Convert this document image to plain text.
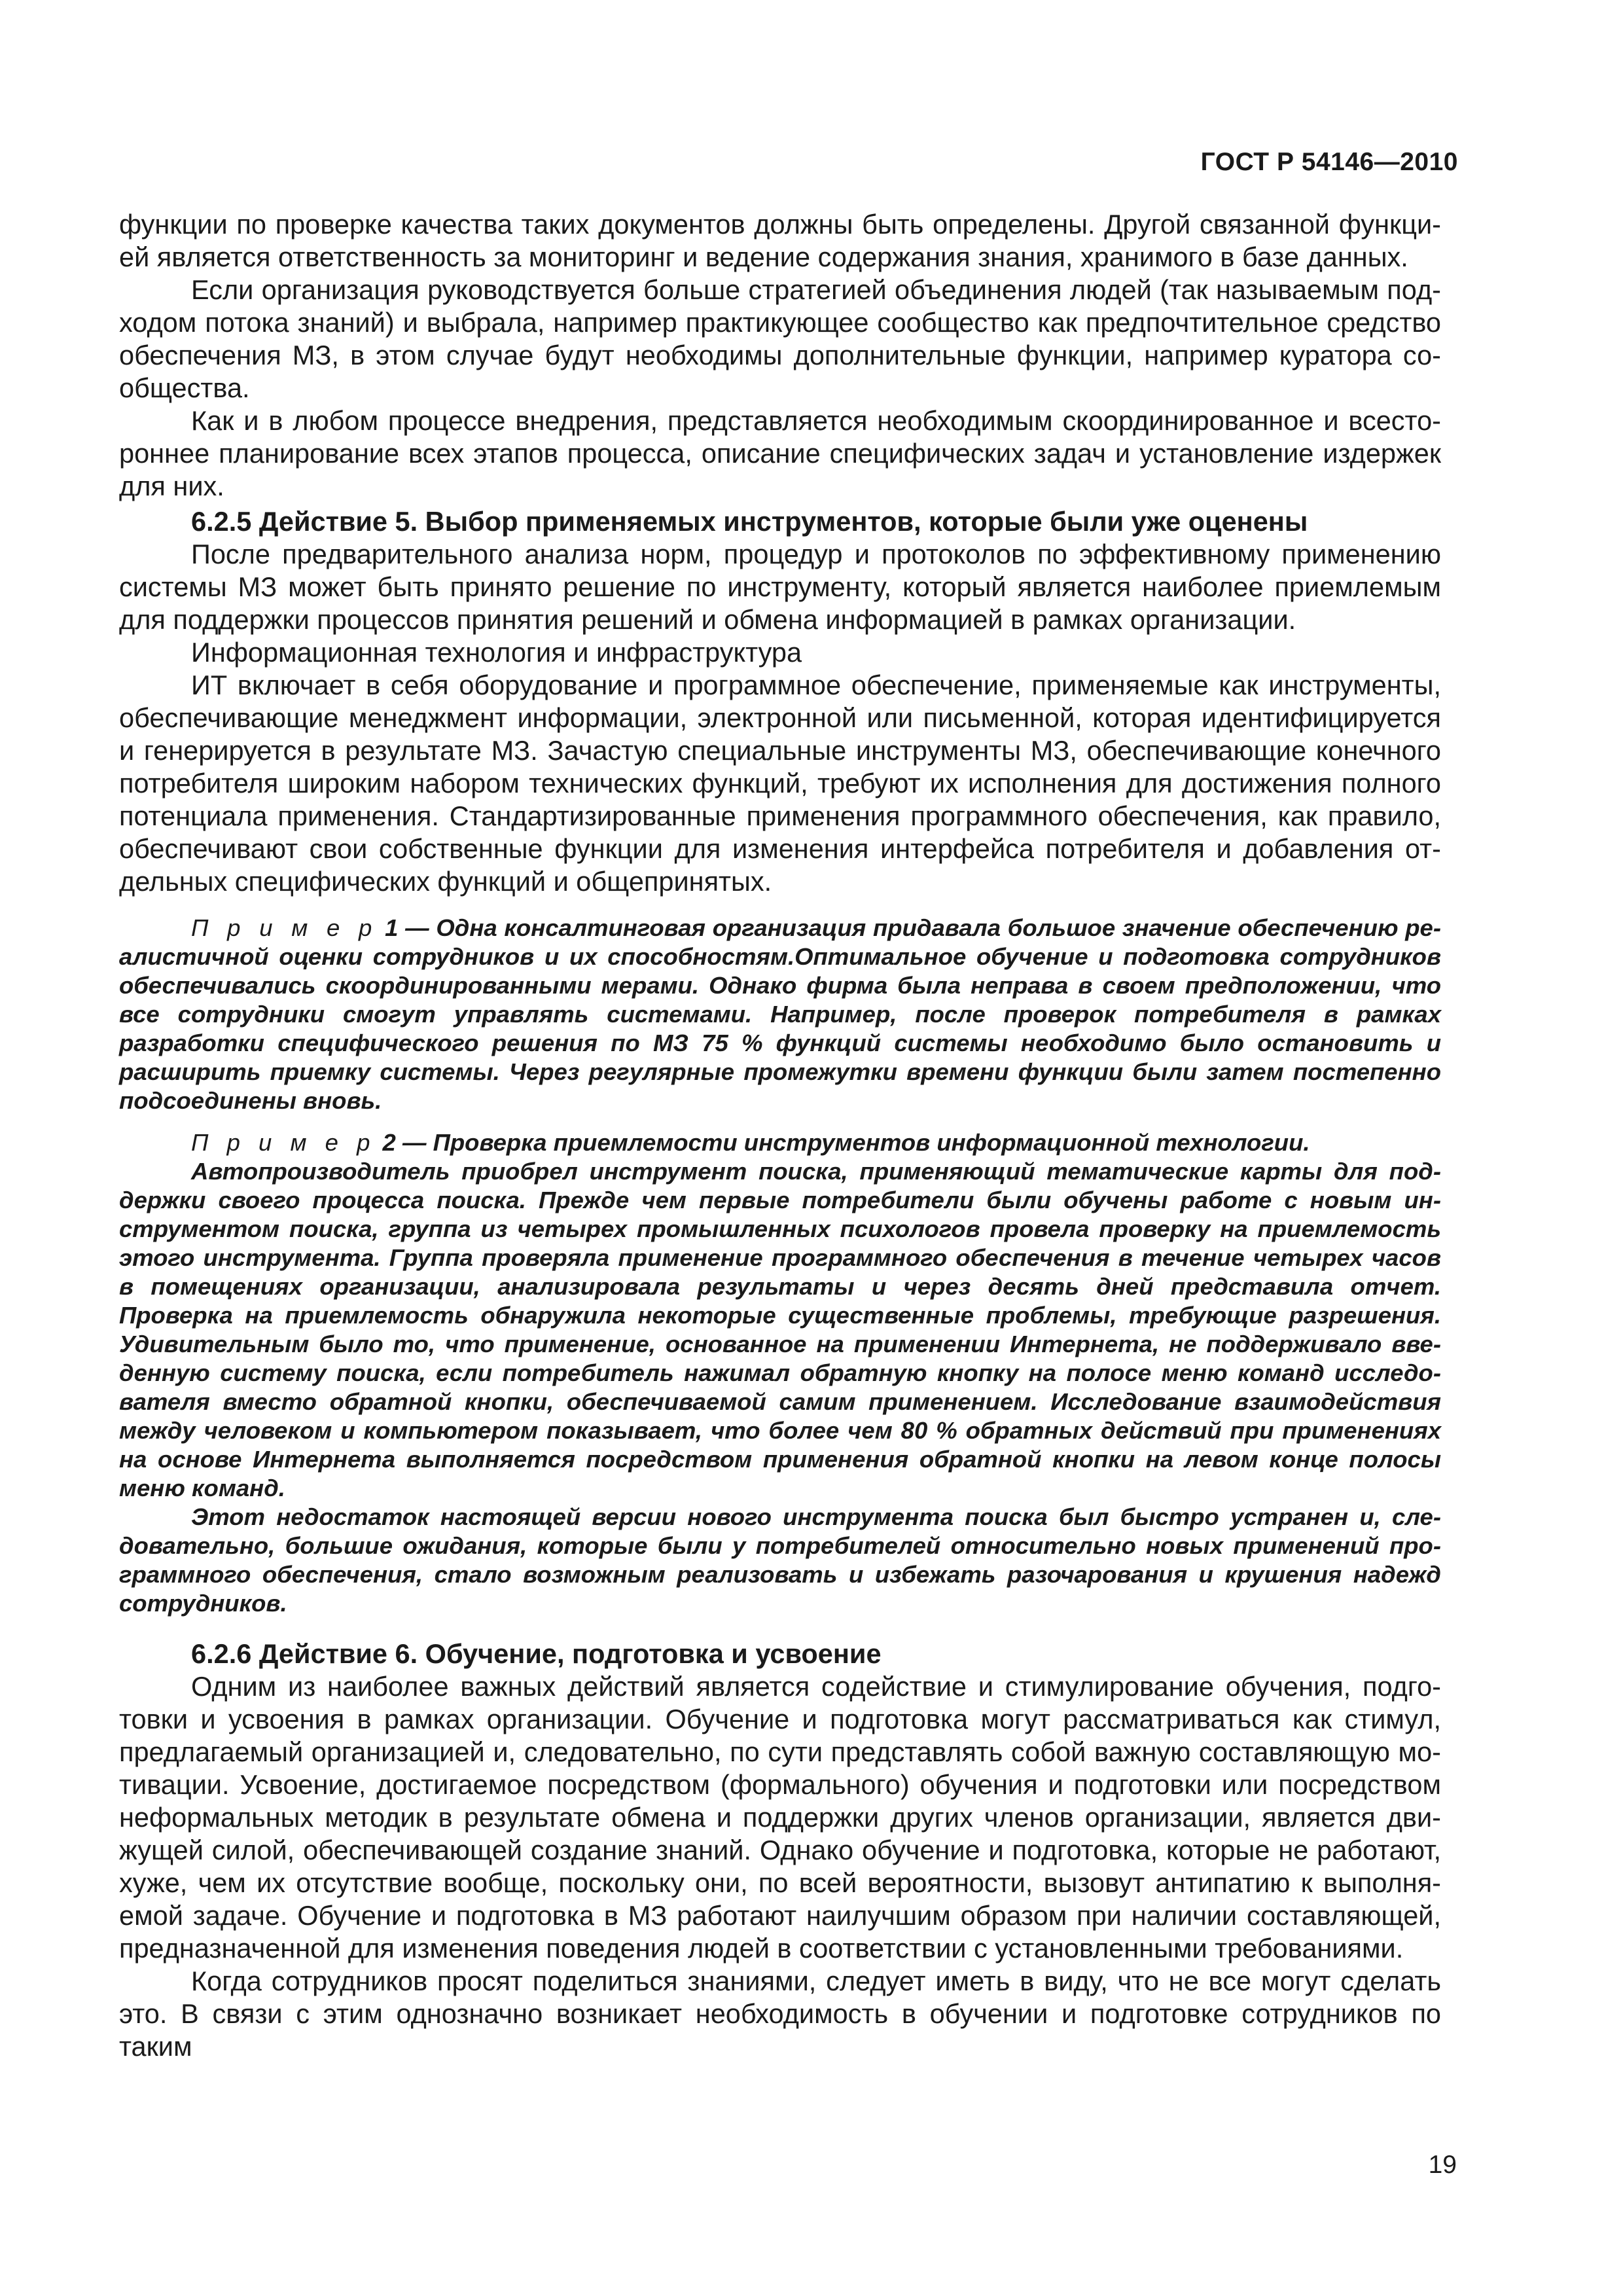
ГОСТ Р 54146—2010

функции по проверке качества таких документов должны быть определены. Другой связанной функцией является ответственность за мониторинг и ведение содержания знания, хранимого в базе данных.

Если организация руководствуется больше стратегией объединения людей (так называемым подходом потока знаний) и выбрала, например практикующее сообщество как предпочтительное средство обеспечения МЗ, в этом случае будут необходимы дополнительные функции, например куратора сообщества.

Как и в любом процессе внедрения, представляется необходимым скоординированное и всестороннее планирование всех этапов процесса, описание специфических задач и установление издержек для них.

6.2.5 Действие 5. Выбор применяемых инструментов, которые были уже оценены

После предварительного анализа норм, процедур и протоколов по эффективному применению системы МЗ может быть принято решение по инструменту, который является наиболее приемлемым для поддержки процессов принятия решений и обмена информацией в рамках организации.

Информационная технология и инфраструктура

ИТ включает в себя оборудование и программное обеспечение, применяемые как инструменты, обеспечивающие менеджмент информации, электронной или письменной, которая идентифицируется и генерируется в результате МЗ. Зачастую специальные инструменты МЗ, обеспечивающие конечного потребителя широким набором технических функций, требуют их исполнения для достижения полного потенциала применения. Стандартизированные применения программного обеспечения, как правило, обеспечивают свои собственные функции для изменения интерфейса потребителя и добавления отдельных специфических функций и общепринятых.

П р и м е р 1 — Одна консалтинговая организация придавала большое значение обеспечению реалистичной оценки сотрудников и их способностям.Оптимальное обучение и подготовка сотрудников обеспечивались скоординированными мерами. Однако фирма была неправа в своем предположении, что все сотрудники смогут управлять системами. Например, после проверок потребителя в рамках разработки специфического решения по МЗ 75 % функций системы необходимо было остановить и расширить приемку системы. Через регулярные промежутки времени функции были затем постепенно подсоединены вновь.

П р и м е р 2 — Проверка приемлемости инструментов информационной технологии.

Автопроизводитель приобрел инструмент поиска, применяющий тематические карты для поддержки своего процесса поиска. Прежде чем первые потребители были обучены работе с новым инструментом поиска, группа из четырех промышленных психологов провела проверку на приемлемость этого инструмента. Группа проверяла применение программного обеспечения в течение четырех часов в помещениях организации, анализировала результаты и через десять дней представила отчет. Проверка на приемлемость обнаружила некоторые существенные проблемы, требующие разрешения. Удивительным было то, что применение, основанное на применении Интернета, не поддерживало введенную систему поиска, если потребитель нажимал обратную кнопку на полосе меню команд исследователя вместо обратной кнопки, обеспечиваемой самим применением. Исследование взаимодействия между человеком и компьютером показывает, что более чем 80 % обратных действий при применениях на основе Интернета выполняется посредством применения обратной кнопки на левом конце полосы меню команд.

Этот недостаток настоящей версии нового инструмента поиска был быстро устранен и, следовательно, большие ожидания, которые были у потребителей относительно новых применений программного обеспечения, стало возможным реализовать и избежать разочарования и крушения надежд сотрудников.

6.2.6 Действие 6. Обучение, подготовка и усвоение

Одним из наиболее важных действий является содействие и стимулирование обучения, подготовки и усвоения в рамках организации. Обучение и подготовка могут рассматриваться как стимул, предлагаемый организацией и, следовательно, по сути представлять собой важную составляющую мотивации. Усвоение, достигаемое посредством (формального) обучения и подготовки или посредством неформальных методик в результате обмена и поддержки других членов организации, является движущей силой, обеспечивающей создание знаний. Однако обучение и подготовка, которые не работают, хуже, чем их отсутствие вообще, поскольку они, по всей вероятности, вызовут антипатию к выполняемой задаче. Обучение и подготовка в МЗ работают наилучшим образом при наличии составляющей, предназначенной для изменения поведения людей в соответствии с установленными требованиями.

Когда сотрудников просят поделиться знаниями, следует иметь в виду, что не все могут сделать это. В связи с этим однозначно возникает необходимость в обучении и подготовке сотрудников по таким

19
